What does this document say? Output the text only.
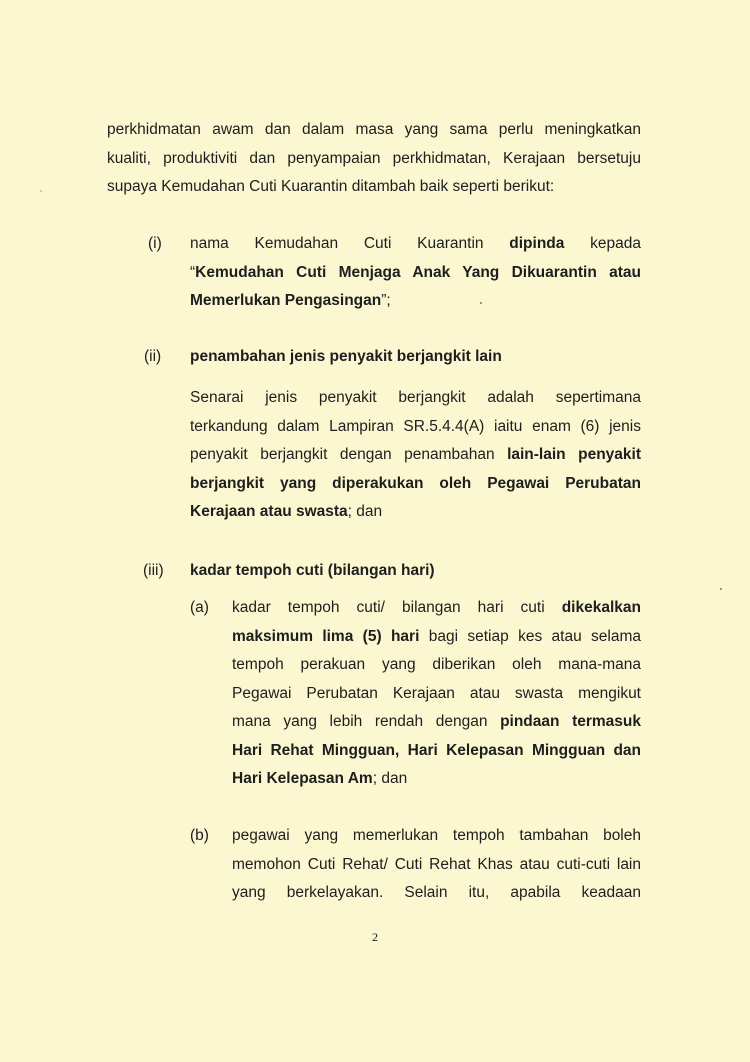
perkhidmatan awam dan dalam masa yang sama perlu meningkatkan
kualiti, produktiviti dan penyampaian perkhidmatan, Kerajaan bersetuju
supaya Kemudahan Cuti Kuarantin ditambah baik seperti berikut:
(i) nama Kemudahan Cuti Kuarantin dipinda kepada
“Kemudahan Cuti Menjaga Anak Yang Dikuarantin atau
Memerlukan Pengasingan”;
(ii) penambahan jenis penyakit berjangkit lain
Senarai jenis penyakit berjangkit adalah sepertimana
terkandung dalam Lampiran SR.5.4.4(A) iaitu enam (6) jenis
penyakit berjangkit dengan penambahan lain-lain penyakit
berjangkit yang diperakukan oleh Pegawai Perubatan
Kerajaan atau swasta; dan
(iii) kadar tempoh cuti (bilangan hari)
(a) kadar tempoh cuti/ bilangan hari cuti dikekalkan
maksimum lima (5) hari bagi setiap kes atau selama
tempoh perakuan yang diberikan oleh mana-mana
Pegawai Perubatan Kerajaan atau swasta mengikut
mana yang lebih rendah dengan pindaan termasuk
Hari Rehat Mingguan, Hari Kelepasan Mingguan dan
Hari Kelepasan Am; dan
(b) pegawai yang memerlukan tempoh tambahan boleh
memohon Cuti Rehat/ Cuti Rehat Khas atau cuti-cuti lain
yang berkelayakan. Selain itu, apabila keadaan
2
